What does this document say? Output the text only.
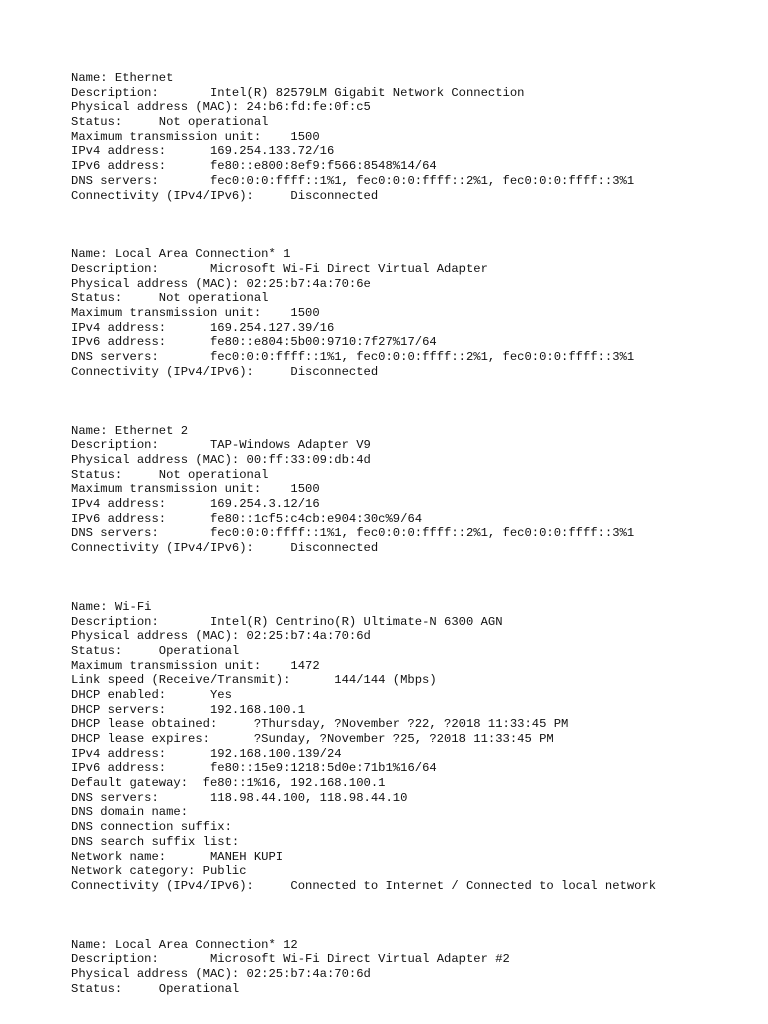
Name: Ethernet
Description:       Intel(R) 82579LM Gigabit Network Connection
Physical address (MAC): 24:b6:fd:fe:0f:c5
Status:     Not operational
Maximum transmission unit:    1500
IPv4 address:      169.254.133.72/16
IPv6 address:      fe80::e800:8ef9:f566:8548%14/64
DNS servers:       fec0:0:0:ffff::1%1, fec0:0:0:ffff::2%1, fec0:0:0:ffff::3%1
Connectivity (IPv4/IPv6):     Disconnected
Name: Local Area Connection* 1
Description:       Microsoft Wi-Fi Direct Virtual Adapter
Physical address (MAC): 02:25:b7:4a:70:6e
Status:     Not operational
Maximum transmission unit:    1500
IPv4 address:      169.254.127.39/16
IPv6 address:      fe80::e804:5b00:9710:7f27%17/64
DNS servers:       fec0:0:0:ffff::1%1, fec0:0:0:ffff::2%1, fec0:0:0:ffff::3%1
Connectivity (IPv4/IPv6):     Disconnected
Name: Ethernet 2
Description:       TAP-Windows Adapter V9
Physical address (MAC): 00:ff:33:09:db:4d
Status:     Not operational
Maximum transmission unit:    1500
IPv4 address:      169.254.3.12/16
IPv6 address:      fe80::1cf5:c4cb:e904:30c%9/64
DNS servers:       fec0:0:0:ffff::1%1, fec0:0:0:ffff::2%1, fec0:0:0:ffff::3%1
Connectivity (IPv4/IPv6):     Disconnected
Name: Wi-Fi
Description:       Intel(R) Centrino(R) Ultimate-N 6300 AGN
Physical address (MAC): 02:25:b7:4a:70:6d
Status:     Operational
Maximum transmission unit:    1472
Link speed (Receive/Transmit):      144/144 (Mbps)
DHCP enabled:      Yes
DHCP servers:      192.168.100.1
DHCP lease obtained:     ?Thursday, ?November ?22, ?2018 11:33:45 PM
DHCP lease expires:      ?Sunday, ?November ?25, ?2018 11:33:45 PM
IPv4 address:      192.168.100.139/24
IPv6 address:      fe80::15e9:1218:5d0e:71b1%16/64
Default gateway:  fe80::1%16, 192.168.100.1
DNS servers:       118.98.44.100, 118.98.44.10
DNS domain name:
DNS connection suffix:
DNS search suffix list:
Network name:      MANEH KUPI
Network category: Public
Connectivity (IPv4/IPv6):     Connected to Internet / Connected to local network
Name: Local Area Connection* 12
Description:       Microsoft Wi-Fi Direct Virtual Adapter #2
Physical address (MAC): 02:25:b7:4a:70:6d
Status:     Operational
